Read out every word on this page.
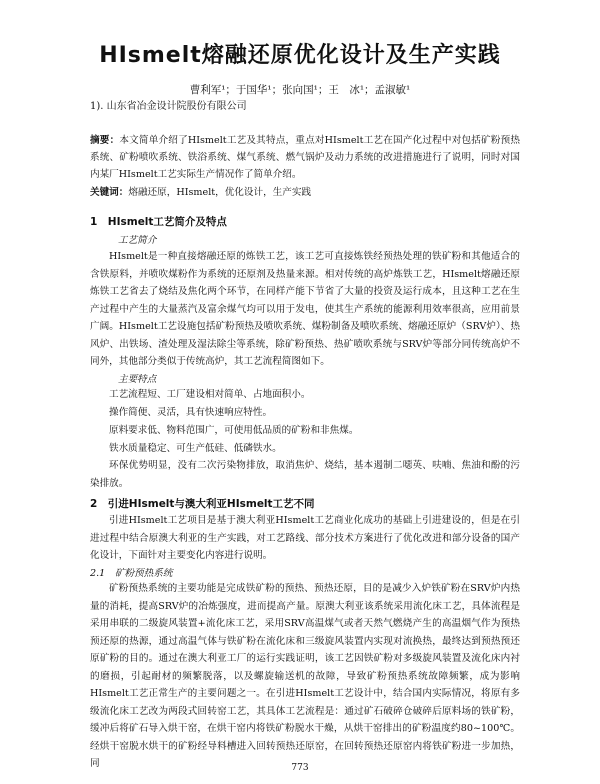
HIsmelt熔融还原优化设计及生产实践

曹利军¹；于国华¹；张向国¹；王　冰¹；孟淑敏¹

1). 山东省冶金设计院股份有限公司

摘要：本文简单介绍了HIsmelt工艺及其特点，重点对HIsmelt工艺在国产化过程中对包括矿粉预热系统、矿粉喷吹系统、铁浴系统、煤气系统、燃气锅炉及动力系统的改进措施进行了说明，同时对国内某厂HIsmelt工艺实际生产情况作了简单介绍。

关键词：熔融还原，HIsmelt，优化设计，生产实践

1　HIsmelt工艺简介及特点

工艺简介

HIsmelt是一种直接熔融还原的炼铁工艺，该工艺可直接炼铁经预热处理的铁矿粉和其他适合的含铁原料，并喷吹煤粉作为系统的还原剂及热量来源。相对传统的高炉炼铁工艺，HIsmelt熔融还原炼铁工艺省去了烧结及焦化两个环节，在同样产能下节省了大量的投资及运行成本，且这种工艺在生产过程中产生的大量蒸汽及富余煤气均可以用于发电，使其生产系统的能源利用效率很高，应用前景广阔。HIsmelt工艺设施包括矿粉预热及喷吹系统、煤粉制备及喷吹系统、熔融还原炉（SRV炉）、热风炉、出铁场、渣处理及湿法除尘等系统，除矿粉预热、热矿喷吹系统与SRV炉等部分同传统高炉不同外，其他部分类似于传统高炉，其工艺流程简图如下。

主要特点

工艺流程短、工厂建设相对简单、占地面积小。

操作简便、灵活，具有快速响应特性。

原料要求低、物料范围广，可使用低品质的矿粉和非焦煤。

铁水质量稳定、可生产低硅、低磷铁水。

环保优势明显，没有二次污染物排放，取消焦炉、烧结，基本遏制二噁英、呋喃、焦油和酚的污染排放。

2　引进HIsmelt与澳大利亚HIsmelt工艺不同

引进HIsmelt工艺项目是基于澳大利亚HIsmelt工艺商业化成功的基础上引进建设的，但是在引进过程中结合原澳大利亚的生产实践，对工艺路线、部分技术方案进行了优化改进和部分设备的国产化设计，下面针对主要变化内容进行说明。

2.1　矿粉预热系统

矿粉预热系统的主要功能是完成铁矿粉的预热、预热还原，目的是减少入炉铁矿粉在SRV炉内热量的消耗，提高SRV炉的冶炼强度，进而提高产量。原澳大利亚该系统采用流化床工艺，具体流程是采用串联的二级旋风装置+流化床工艺，采用SRV高温煤气或者天然气燃烧产生的高温烟气作为预热预还原的热源，通过高温气体与铁矿粉在流化床和三级旋风装置内实现对流换热，最终达到预热预还原矿粉的目的。通过在澳大利亚工厂的运行实践证明，该工艺因铁矿粉对多级旋风装置及流化床内衬的磨损，引起耐材的频繁脱落，以及螺旋输送机的故障，导致矿粉预热系统故障频繁，成为影响HIsmelt工艺正常生产的主要问题之一。在引进HIsmelt工艺设计中，结合国内实际情况，将原有多级流化床工艺改为两段式回转窑工艺，其具体工艺流程是：通过矿石破碎仓破碎后原料场的铁矿粉，缓冲后将矿石导入烘干窑，在烘干窑内将铁矿粉脱水干燥，从烘干窑排出的矿粉温度约80~100℃。经烘干窑脱水烘干的矿粉经导料槽进入回转预热还原窑，在回转预热还原窑内将铁矿粉进一步加热，同	773
